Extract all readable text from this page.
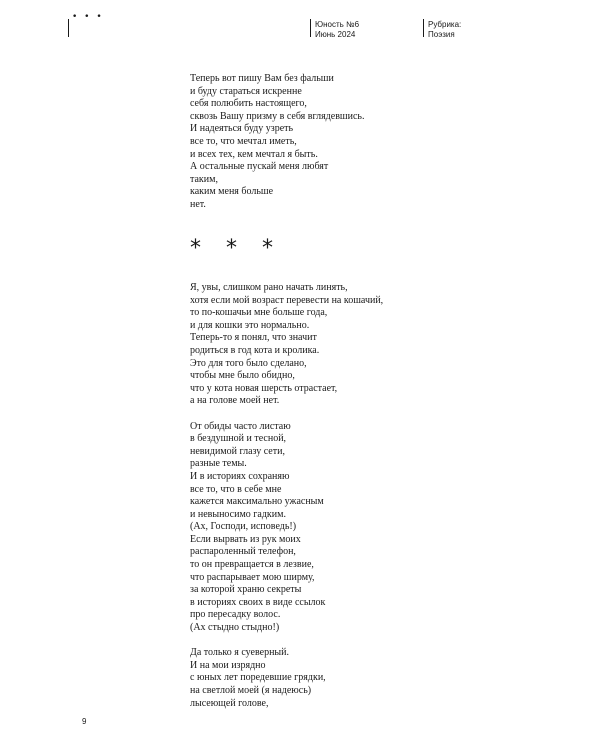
• • •
Юность №6
Июнь 2024
Рубрика:
Поэзия
Теперь вот пишу Вам без фальши
и буду стараться искренне
себя полюбить настоящего,
сквозь Вашу призму в себя вглядевшись.
И надеяться буду узреть
все то, что мечтал иметь,
и всех тех, кем мечтал я быть.
А остальные пускай меня любят
таким,
каким меня больше
нет.
* * *
Я, увы, слишком рано начать линять,
хотя если мой возраст перевести на кошачий,
то по-кошачьи мне больше года,
и для кошки это нормально.
Теперь-то я понял, что значит
родиться в год кота и кролика.
Это для того было сделано,
чтобы мне было обидно,
что у кота новая шерсть отрастает,
а на голове моей нет.
От обиды часто листаю
в бездушной и тесной,
невидимой глазу сети,
разные темы.
И в историях сохраняю
все то, что в себе мне
кажется максимально ужасным
и невыносимо гадким.
(Ах, Господи, исповедь!)
Если вырвать из рук моих
распароленный телефон,
то он превращается в лезвие,
что распарывает мою ширму,
за которой храню секреты
в историях своих в виде ссылок
про пересадку волос.
(Ах стыдно стыдно!)
Да только я суеверный.
И на мои изрядно
с юных лет поредевшие грядки,
на светлой моей (я надеюсь)
лысеющей голове,
9
